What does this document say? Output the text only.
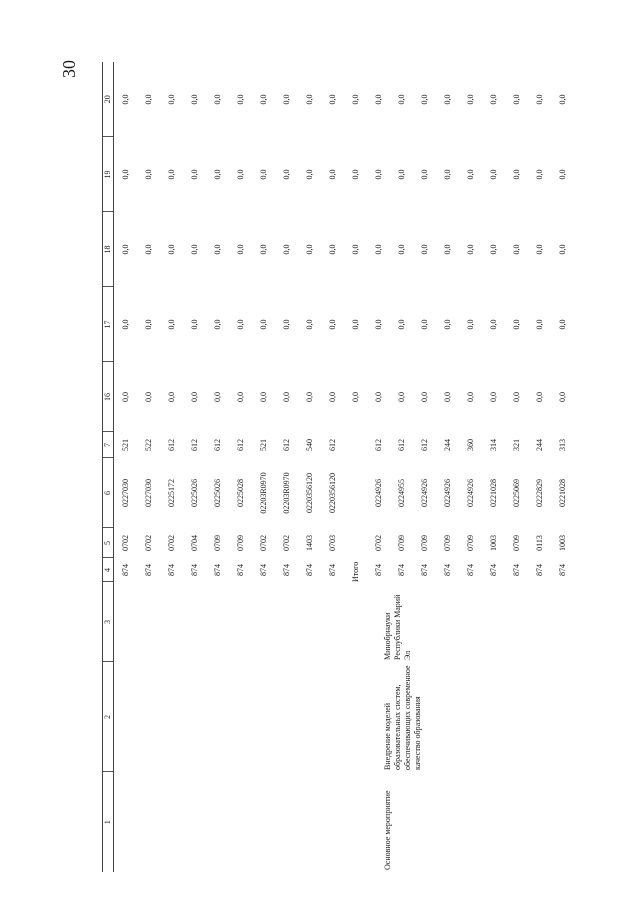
30
1	2	3	4	5	6	7	16	17	18	19	20
			874	0702	0227030	521	0,0	0,0	0,0	0,0	0,0
			874	0702	0227030	522	0,0	0,0	0,0	0,0	0,0
			874	0702	0225172	612	0,0	0,0	0,0	0,0	0,0
			874	0704	0225026	612	0,0	0,0	0,0	0,0	0,0
			874	0709	0225026	612	0,0	0,0	0,0	0,0	0,0
			874	0709	0225028	612	0,0	0,0	0,0	0,0	0,0
			874	0702	02203R0970	521	0,0	0,0	0,0	0,0	0,0
			874	0702	02203R0970	612	0,0	0,0	0,0	0,0	0,0
			874	1403	0220356120	540	0,0	0,0	0,0	0,0	0,0
			874	0703	0220356120	612	0,0	0,0	0,0	0,0	0,0
			Итого				0,0	0,0	0,0	0,0	0,0
Основное мероприятие	Внедрение моделей образовательных систем, обеспечивающих современное качество образования	Минобрнауки Республики Марий Эл	874	0702	0224926	612	0,0	0,0	0,0	0,0	0,0
			874	0709	0224955	612	0,0	0,0	0,0	0,0	0,0
			874	0709	0224926	612	0,0	0,0	0,0	0,0	0,0
			874	0709	0224926	244	0,0	0,0	0,0	0,0	0,0
			874	0709	0224926	360	0,0	0,0	0,0	0,0	0,0
			874	1003	0221028	314	0,0	0,0	0,0	0,0	0,0
			874	0709	0225069	321	0,0	0,0	0,0	0,0	0,0
			874	0113	0222829	244	0,0	0,0	0,0	0,0	0,0
			874	1003	0221028	313	0,0	0,0	0,0	0,0	0,0
